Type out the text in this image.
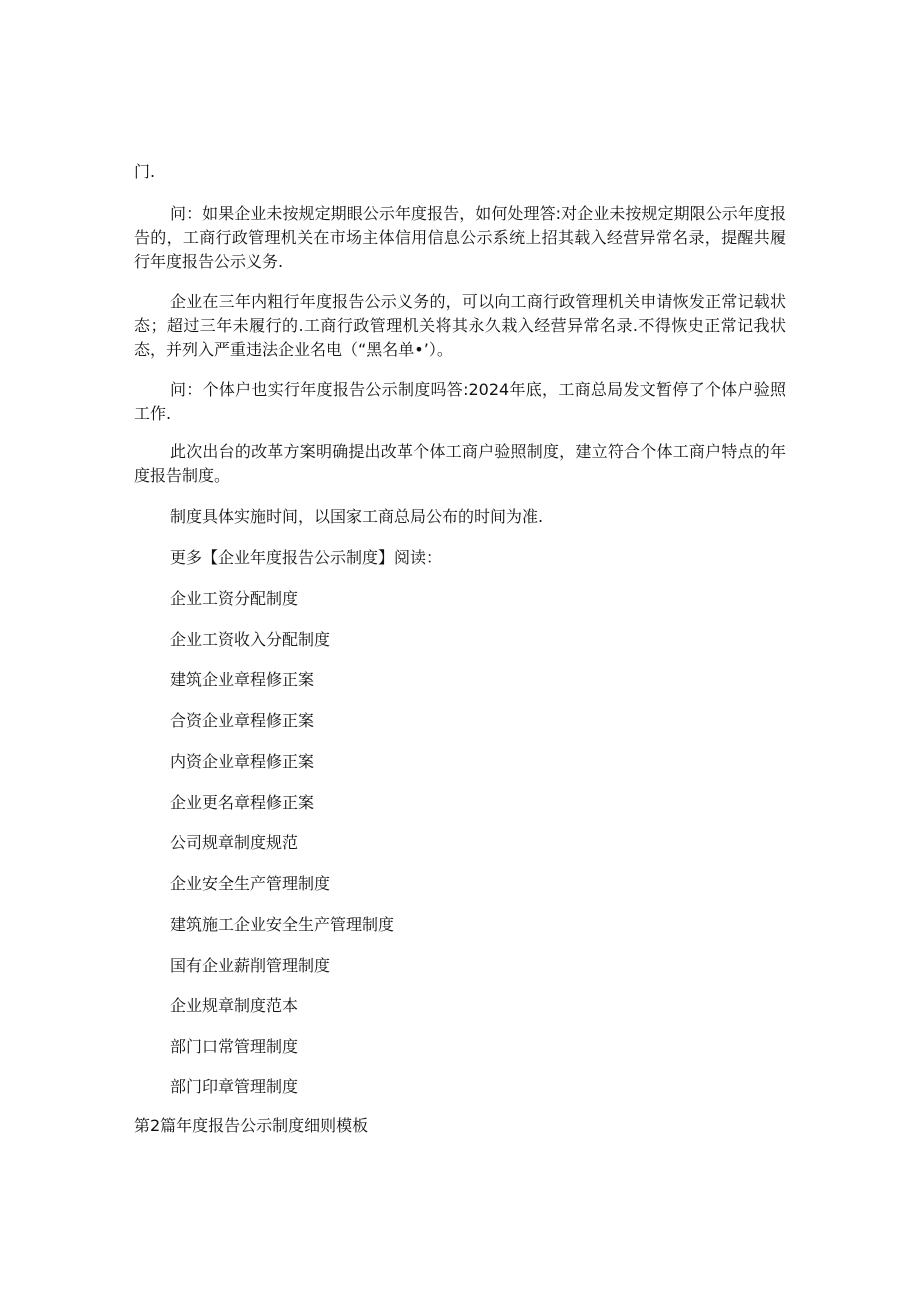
门.

问：如果企业未按规定期眼公示年度报告，如何处理答:对企业未按规定期限公示年度报告的，工商行政管理机关在市场主体信用信息公示系统上招其载入经营异常名录，提醒共履行年度报告公示义务.

企业在三年内粗行年度报告公示义务的，可以向工商行政管理机关申请恢发正常记载状态；超过三年未履行的.工商行政管理机关将其永久栽入经营异常名录.不得恢史正常记我状态，并列入严重违法企业名电（“黑名单•’）。

问：个体户也实行年度报告公示制度吗答:2024年底，工商总局发文暂停了个体户验照工作.

此次出台的改革方案明确提出改革个体工商户验照制度，建立符合个体工商户特点的年度报告制度。

制度具体实施时间，以国家工商总局公布的时间为准.

更多【企业年度报告公示制度】阅读：

企业工资分配制度

企业工资收入分配制度

建筑企业章程修正案

合资企业章程修正案

内资企业章程修正案

企业更名章程修正案

公司规章制度规范

企业安全生产管理制度

建筑施工企业安全生产管理制度

国有企业薪削管理制度

企业规章制度范本

部门口常管理制度

部门印章管理制度

第2篇年度报告公示制度细则模板
